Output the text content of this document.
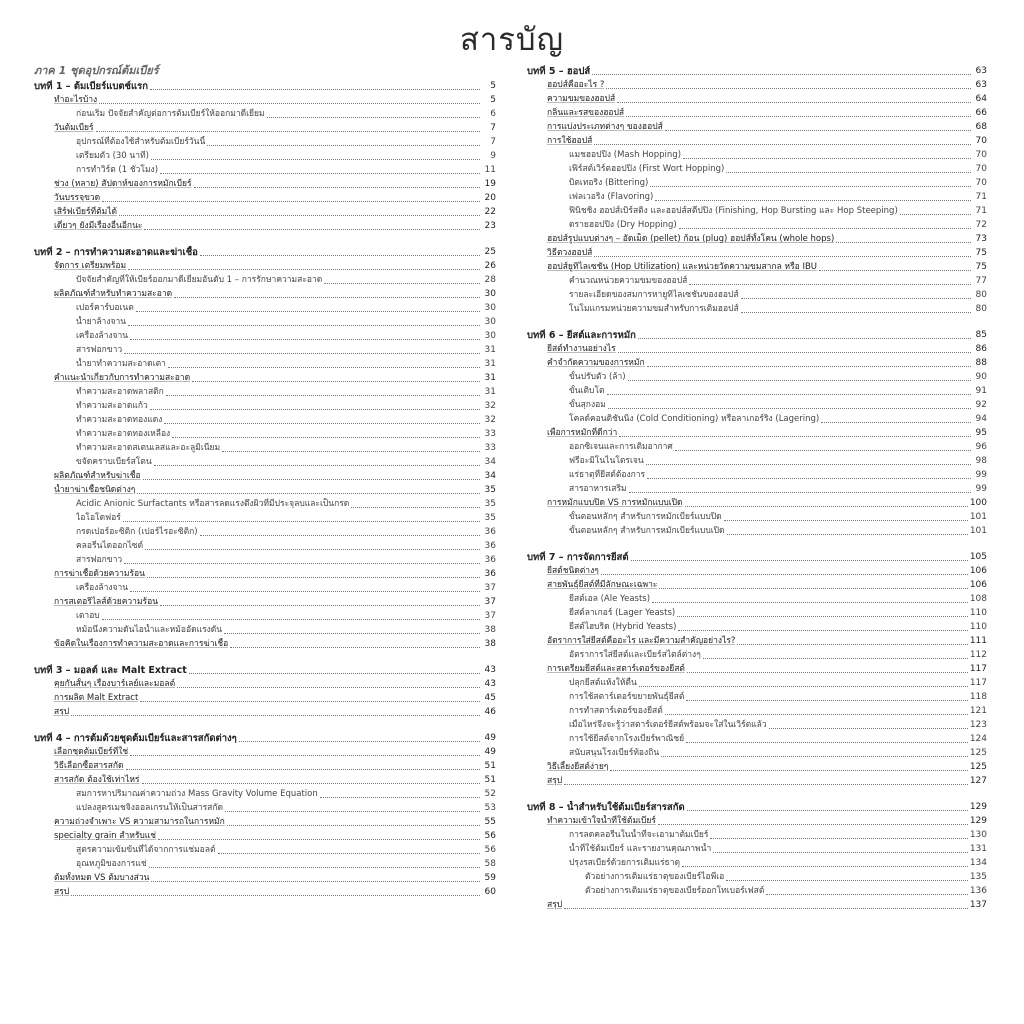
สารบัญ
ภาค 1 ชุดอุปกรณ์ต้มเบียร์
บทที่ 1 – ต้มเบียร์แบตช์แรก	5
ทำอะไรบ้าง	5
ก่อนเริ่ม ปัจจัยสำคัญต่อการต้มเบียร์ให้ออกมาดีเยี่ยม	6
วันต้มเบียร์	7
อุปกรณ์ที่ต้องใช้สำหรับต้มเบียร์วันนี้	7
เตรียมตัว (30 นาที)	9
การทำวิร์ต (1 ชั่วโมง)	11
ช่วง (หลาย) สัปดาห์ของการหมักเบียร์	19
วันบรรจุขวด	20
เสิร์ฟเบียร์ที่ต้มได้	22
เดี๋ยวๆ ยังมีเรื่องอื่นอีกนะ	23
บทที่ 2 – การทำความสะอาดและฆ่าเชื้อ	25
จัดการ เตรียมพร้อม	26
ปัจจัยสำคัญที่ให้เบียร์ออกมาดีเยี่ยมอันดับ 1 – การรักษาความสะอาด	28
ผลิตภัณฑ์สำหรับทำความสะอาด	30
เปอร์คาร์บอเนต	30
น้ำยาล้างจาน	30
เครื่องล้างจาน	30
สารฟอกขาว	31
น้ำยาทำความสะอาดเตา	31
คำแนะนำเกี่ยวกับการทำความสะอาด	31
ทำความสะอาดพลาสติก	31
ทำความสะอาดแก้ว	32
ทำความสะอาดทองแดง	32
ทำความสะอาดทองเหลือง	33
ทำความสะอาดสเตนเลสและอะลูมิเนียม	33
ขจัดคราบเบียร์สโตน	34
ผลิตภัณฑ์สำหรับฆ่าเชื้อ	34
น้ำยาฆ่าเชื้อชนิดต่างๆ	35
Acidic Anionic Surfactants หรือสารลดแรงตึงผิวที่มีประจุลบและเป็นกรด	35
ไอโอโดฟอร์	35
กรดเปอร์อะซิติก (เปอร์ไรอะซิติก)	36
คลอรีนไดออกไซด์	36
สารฟอกขาว	36
การฆ่าเชื้อด้วยความร้อน	36
เครื่องล้างจาน	37
การสเตอริไลส์ด้วยความร้อน	37
เตาอบ	37
หม้อนึ่งความดันไอน้ำและหม้ออัดแรงดัน	38
ข้อคิดในเรื่องการทำความสะอาดและการฆ่าเชื้อ	38
บทที่ 3 – มอลต์ และ Malt Extract	43
คุยกันสั้นๆ เรื่องบาร์เลย์และมอลต์	43
การผลิต Malt Extract	45
สรุป	46
บทที่ 4 – การต้มด้วยชุดต้มเบียร์และสารสกัดต่างๆ	49
เลือกชุดต้มเบียร์ที่ใช่	49
วิธีเลือกซื้อสารสกัด	51
สารสกัด ต้องใช้เท่าไหร่	51
สมการหาปริมาณค่าความถ่วง Mass Gravity Volume Equation	52
แปลงสูตรเมชจิงออลเกรนให้เป็นสารสกัด	53
ความถ่วงจำเพาะ VS ความสามารถในการหมัก	55
specialty grain สำหรับแช่	56
สูตรความเข้มข้นที่ได้จากการแช่มอลต์	56
อุณหภูมิของการแช่	58
ต้มทั้งหมด VS ต้มบางส่วน	59
สรุป	60
บทที่ 5 – ฮอปส์	63
ฮอปส์คืออะไร ?	63
ความขมของฮอปส์	64
กลิ่นและรสของฮอปส์	66
การแบ่งประเภทต่างๆ ของฮอปส์	68
การใช้ฮอปส์	70
แมชฮอปปิง (Mash Hopping)	70
เฟิร์สต์เวิร์ตฮอปปิง (First Wort Hopping)	70
บิตเทอริง (Bittering)	70
เฟลเวอริง (Flavoring)	71
ฟินิชชิง ฮอปส์เบิร์สติง และฮอปส์สตีปปิง (Finishing, Hop Bursting และ Hop Steeping)	71
ดรายฮอปปิง (Dry Hopping)	72
ฮอปส์รูปแบบต่างๆ – อัดเม็ด (pellet) ก้อน (plug) ฮอปส์ทั้งโคน (whole hops)	73
วิธีตวงฮอปส์	75
ฮอปส์ยูทิไลเซชัน (Hop Utilization) และหน่วยวัดความขมสากล หรือ IBU	75
คำนวณหน่วยความขมของฮอปส์	77
รายละเอียดของสมการหายูทิไลเซชันของฮอปส์	80
โนโมแกรมหน่วยความขมสำหรับการเติมฮอปส์	80
บทที่ 6 – ยีสต์และการหมัก	85
ยีสต์ทำงานอย่างไร	86
คำจำกัดความของการหมัก	88
ขั้นปรับตัว (ล้า)	90
ขั้นเติบโต	91
ขั้นสุกงอม	92
โคลด์คอนดิชันนิง (Cold Conditioning) หรือลาเกอร์ริง (Lagering)	94
เพื่อการหมักที่ดีกว่า	95
ออกซิเจนและการเติมอากาศ	96
ฟรีอะมิโนไนโตรเจน	98
แร่ธาตุที่ยีสต์ต้องการ	99
สารอาหารเสริม	99
การหมักแบบปิด VS การหมักแบบเปิด	100
ขั้นตอนหลักๆ สำหรับการหมักเบียร์แบบปิด	101
ขั้นตอนหลักๆ สำหรับการหมักเบียร์แบบเปิด	101
บทที่ 7 – การจัดการยีสต์	105
ยีสต์ชนิดต่างๆ	106
สายพันธุ์ยีสต์ที่มีลักษณะเฉพาะ	106
ยีสต์เอล (Ale Yeasts)	108
ยีสต์ลาเกอร์ (Lager Yeasts)	110
ยีสต์ไฮบริด (Hybrid Yeasts)	110
อัตราการใส่ยีสต์คืออะไร และมีความสำคัญอย่างไร?	111
อัตราการใส่ยีสต์และเบียร์สไตล์ต่างๆ	112
การเตรียมยีสต์และสตาร์เตอร์ของยีสต์	117
ปลุกยีสต์แห้งให้ตื่น	117
การใช้สตาร์เตอร์ขยายพันธุ์ยีสต์	118
การทำสตาร์เตอร์ของยีสต์	121
เมื่อไหร่จึงจะรู้ว่าสตาร์เตอร์ยีสต์พร้อมจะใส่ในเวิร์ตแล้ว	123
การใช้ยีสต์จากโรงเบียร์พาณิชย์	124
สนับสนุนโรงเบียร์ท้องถิ่น	125
วิธีเลี้ยงยีสต์ง่ายๆ	125
สรุป	127
บทที่ 8 – น้ำสำหรับใช้ต้มเบียร์สารสกัด	129
ทำความเข้าใจน้ำที่ใช้ต้มเบียร์	129
การลดคลอรีนในน้ำที่จะเอามาต้มเบียร์	130
น้ำที่ใช้ต้มเบียร์ และรายงานคุณภาพน้ำ	131
ปรุงรสเบียร์ด้วยการเติมแร่ธาตุ	134
ตัวอย่างการเติมแร่ธาตุของเบียร์ไอพีเอ	135
ตัวอย่างการเติมแร่ธาตุของเบียร์ออกโทเบอร์เฟสต์	136
สรุป	137
